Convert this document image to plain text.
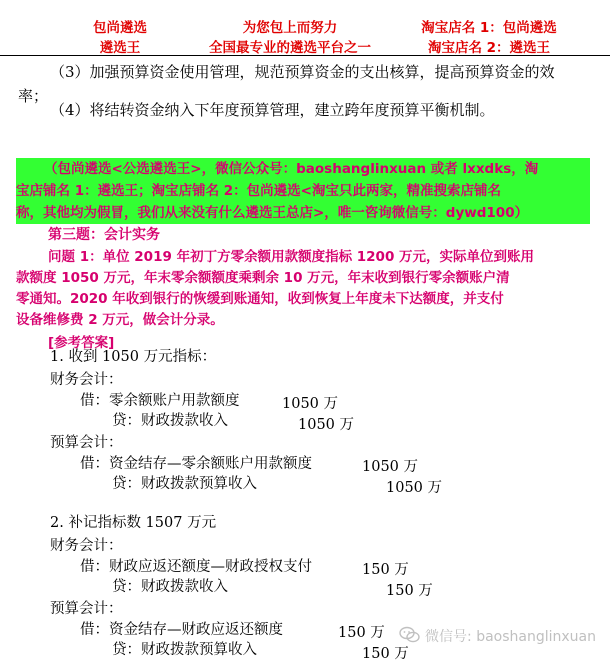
包尚遴选
遴选王
为您包上而努力
全国最专业的遴选平台之一
淘宝店名 1：包尚遴选
淘宝店名 2：遴选王
（3）加强预算资金使用管理，规范预算资金的支出核算，提高预算资金的效
率；
（4）将结转资金纳入下年度预算管理，建立跨年度预算平衡机制。
（包尚遴选<公选遴选王>，微信公众号：baoshanglinxuan 或者 lxxdks，淘
宝店铺名 1：遴选王；淘宝店铺名 2：包尚遴选<淘宝只此两家，精准搜索店铺名
称，其他均为假冒，我们从来没有什么遴选王总店>，唯一咨询微信号：dywd100）
第三题：会计实务
问题 1：单位 2019 年初丁方零余额用款额度指标 1200 万元，实际单位到账用
款额度 1050 万元，年末零余额额度乘剩余 10 万元，年末收到银行零余额账户清
零通知。2020 年收到银行的恢缓到账通知，收到恢复上年度未下达额度，并支付
设备维修费 2 万元，做会计分录。
[参考答案]
1. 收到 1050 万元指标：
财务会计：
借：零余额账户用款额度	1050 万
贷：财政拨款收入	1050 万
预算会计：
借：资金结存—零余额账户用款额度	1050 万
贷：财政拨款预算收入	1050 万
2. 补记指标数 1507 万元
财务会计：
借：财政应返还额度—财政授权支付	150 万
贷：财政拨款收入	150 万
预算会计：
借：资金结存—财政应返还额度	150 万
贷：财政拨款预算收入	150 万
微信号: baoshanglinxuan
